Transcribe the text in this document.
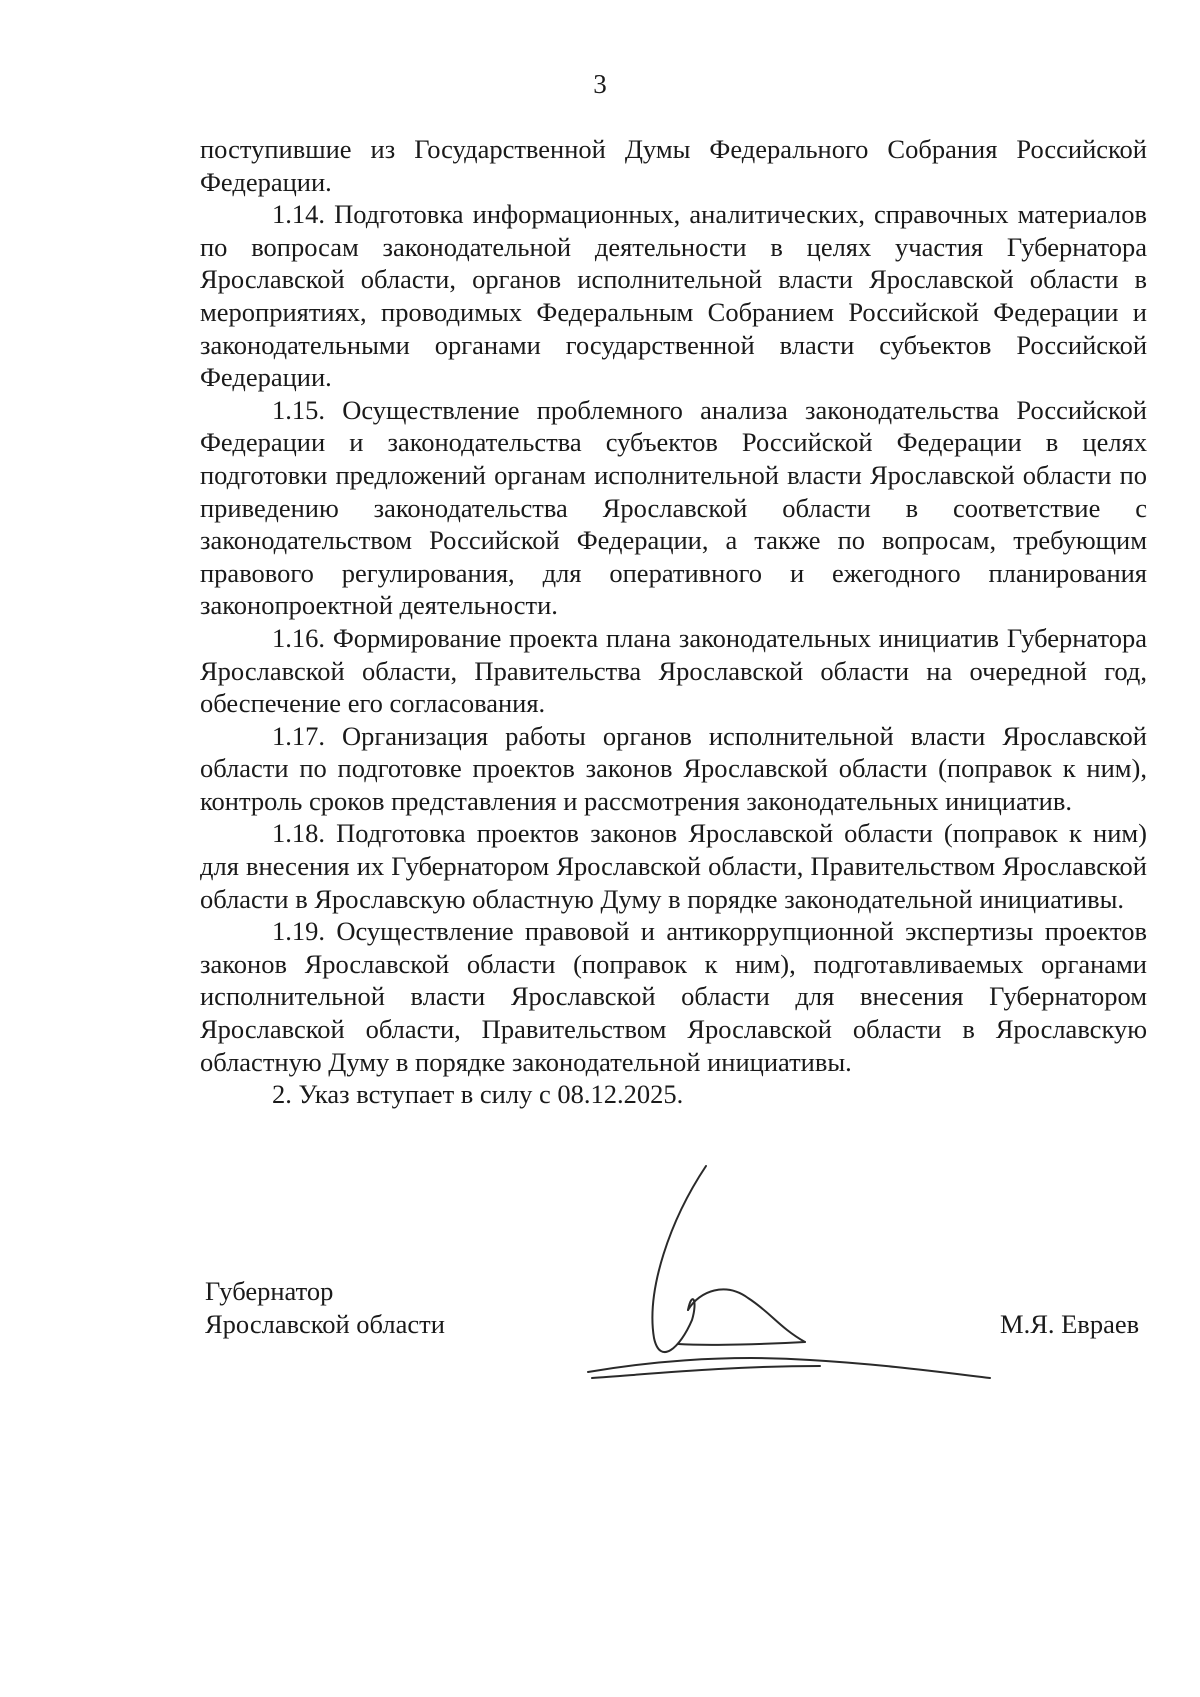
3

поступившие из Государственной Думы Федерального Собрания Российской Федерации.

1.14. Подготовка информационных, аналитических, справочных материалов по вопросам законодательной деятельности в целях участия Губернатора Ярославской области, органов исполнительной власти Ярославской области в мероприятиях, проводимых Федеральным Собранием Российской Федерации и законодательными органами государственной власти субъектов Российской Федерации.

1.15. Осуществление проблемного анализа законодательства Российской Федерации и законодательства субъектов Российской Федерации в целях подготовки предложений органам исполнительной власти Ярославской области по приведению законодательства Ярославской области в соответствие с законодательством Российской Федерации, а также по вопросам, требующим правового регулирования, для оперативного и ежегодного планирования законопроектной деятельности.

1.16. Формирование проекта плана законодательных инициатив Губернатора Ярославской области, Правительства Ярославской области на очередной год, обеспечение его согласования.

1.17. Организация работы органов исполнительной власти Ярославской области по подготовке проектов законов Ярославской области (поправок к ним), контроль сроков представления и рассмотрения законодательных инициатив.

1.18. Подготовка проектов законов Ярославской области (поправок к ним) для внесения их Губернатором Ярославской области, Правительством Ярославской области в Ярославскую областную Думу в порядке законодательной инициативы.

1.19. Осуществление правовой и антикоррупционной экспертизы проектов законов Ярославской области (поправок к ним), подготавливаемых органами исполнительной власти Ярославской области для внесения Губернатором Ярославской области, Правительством Ярославской области в Ярославскую областную Думу в порядке законодательной инициативы.

2. Указ вступает в силу с 08.12.2025.

Губернатор
Ярославской области	М.Я. Евраев
